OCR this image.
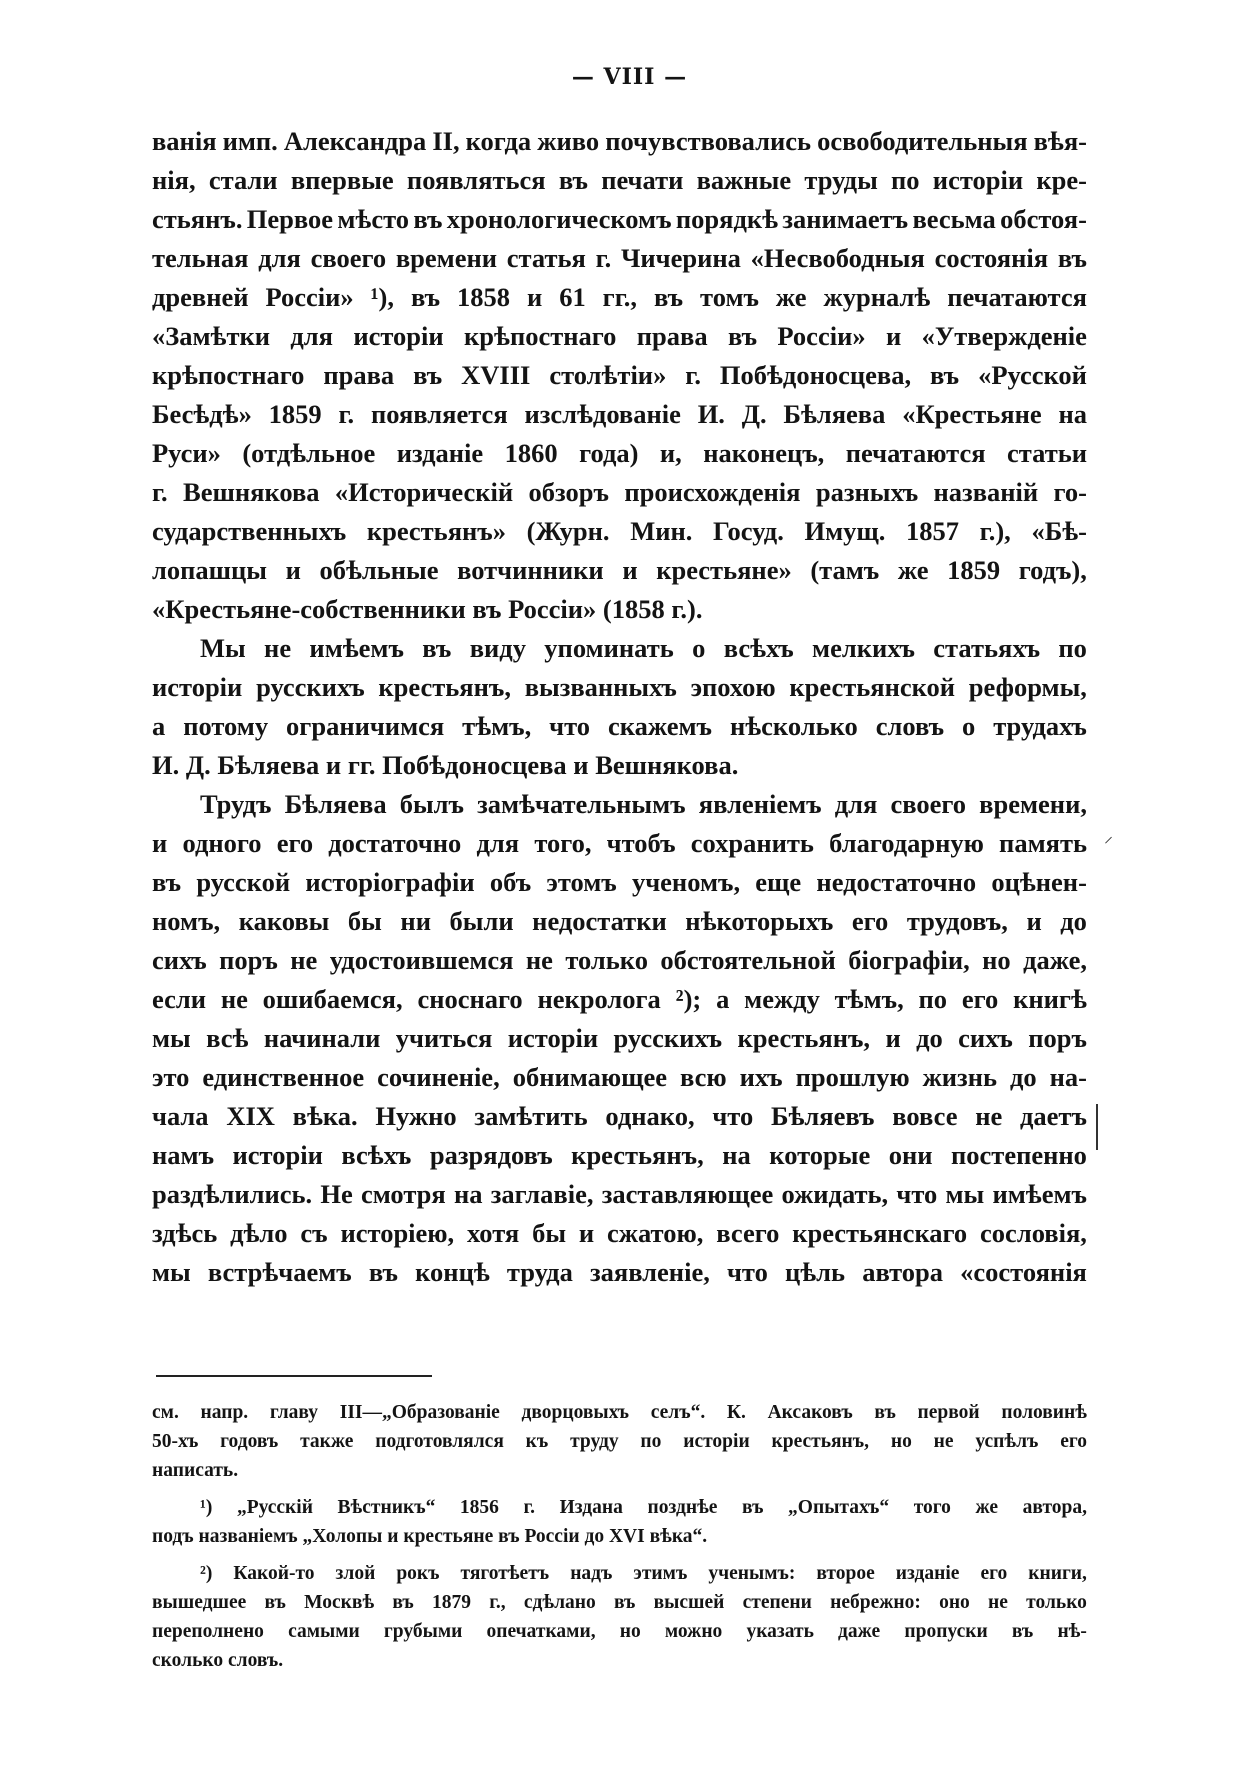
— VIII —
ванія имп. Александра II, когда живо почувствовались освободительныя вѣя-
нія, стали впервые появляться въ печати важные труды по исторіи кре-
стьянъ. Первое мѣсто въ хронологическомъ порядкѣ занимаетъ весьма обстоя-
тельная для своего времени статья г. Чичерина «Несвободныя состоянія въ
древней Россіи» ¹), въ 1858 и 61 гг., въ томъ же журналѣ печатаются
«Замѣтки для исторіи крѣпостнаго права въ Россіи» и «Утвержденіе
крѣпостнаго права въ XVIII столѣтіи» г. Побѣдоносцева, въ «Русской
Бесѣдѣ» 1859 г. появляется изслѣдованіе И. Д. Бѣляева «Крестьяне на
Руси» (отдѣльное изданіе 1860 года) и, наконецъ, печатаются статьи
г. Вешнякова «Историческій обзоръ происхожденія разныхъ названій го-
сударственныхъ крестьянъ» (Журн. Мин. Госуд. Имущ. 1857 г.), «Бѣ-
лопашцы и обѣльные вотчинники и крестьяне» (тамъ же 1859 годъ),
«Крестьяне-собственники въ Россіи» (1858 г.).
Мы не имѣемъ въ виду упоминать о всѣхъ мелкихъ статьяхъ по
исторіи русскихъ крестьянъ, вызванныхъ эпохою крестьянской реформы,
а потому ограничимся тѣмъ, что скажемъ нѣсколько словъ о трудахъ
И. Д. Бѣляева и гг. Побѣдоносцева и Вешнякова.
Трудъ Бѣляева былъ замѣчательнымъ явленіемъ для своего времени,
и одного его достаточно для того, чтобъ сохранить благодарную память
въ русской исторіографіи объ этомъ ученомъ, еще недостаточно оцѣнен-
номъ, каковы бы ни были недостатки нѣкоторыхъ его трудовъ, и до
сихъ поръ не удостоившемся не только обстоятельной біографіи, но даже,
если не ошибаемся, сноснаго некролога ²); а между тѣмъ, по его книгѣ
мы всѣ начинали учиться исторіи русскихъ крестьянъ, и до сихъ поръ
это единственное сочиненіе, обнимающее всю ихъ прошлую жизнь до на-
чала XIX вѣка. Нужно замѣтить однако, что Бѣляевъ вовсе не даетъ
намъ исторіи всѣхъ разрядовъ крестьянъ, на которые они постепенно
раздѣлились. Не смотря на заглавіе, заставляющее ожидать, что мы имѣемъ
здѣсь дѣло съ исторіею, хотя бы и сжатою, всего крестьянскаго сословія,
мы встрѣчаемъ въ концѣ труда заявленіе, что цѣль автора «состоянія
см. напр. главу III—„Образованіе дворцовыхъ селъ“. К. Аксаковъ въ первой половинѣ
50-хъ годовъ также подготовлялся къ труду по исторіи крестьянъ, но не успѣлъ его
написать.
¹) „Русскій Вѣстникъ“ 1856 г. Издана позднѣе въ „Опытахъ“ того же автора,
подъ названіемъ „Холопы и крестьяне въ Россіи до XVI вѣка“.
²) Какой-то злой рокъ тяготѣетъ надъ этимъ ученымъ: второе изданіе его книги,
вышедшее въ Москвѣ въ 1879 г., сдѣлано въ высшей степени небрежно: оно не только
переполнено самыми грубыми опечатками, но можно указать даже пропуски въ нѣ-
сколько словъ.
⸝
